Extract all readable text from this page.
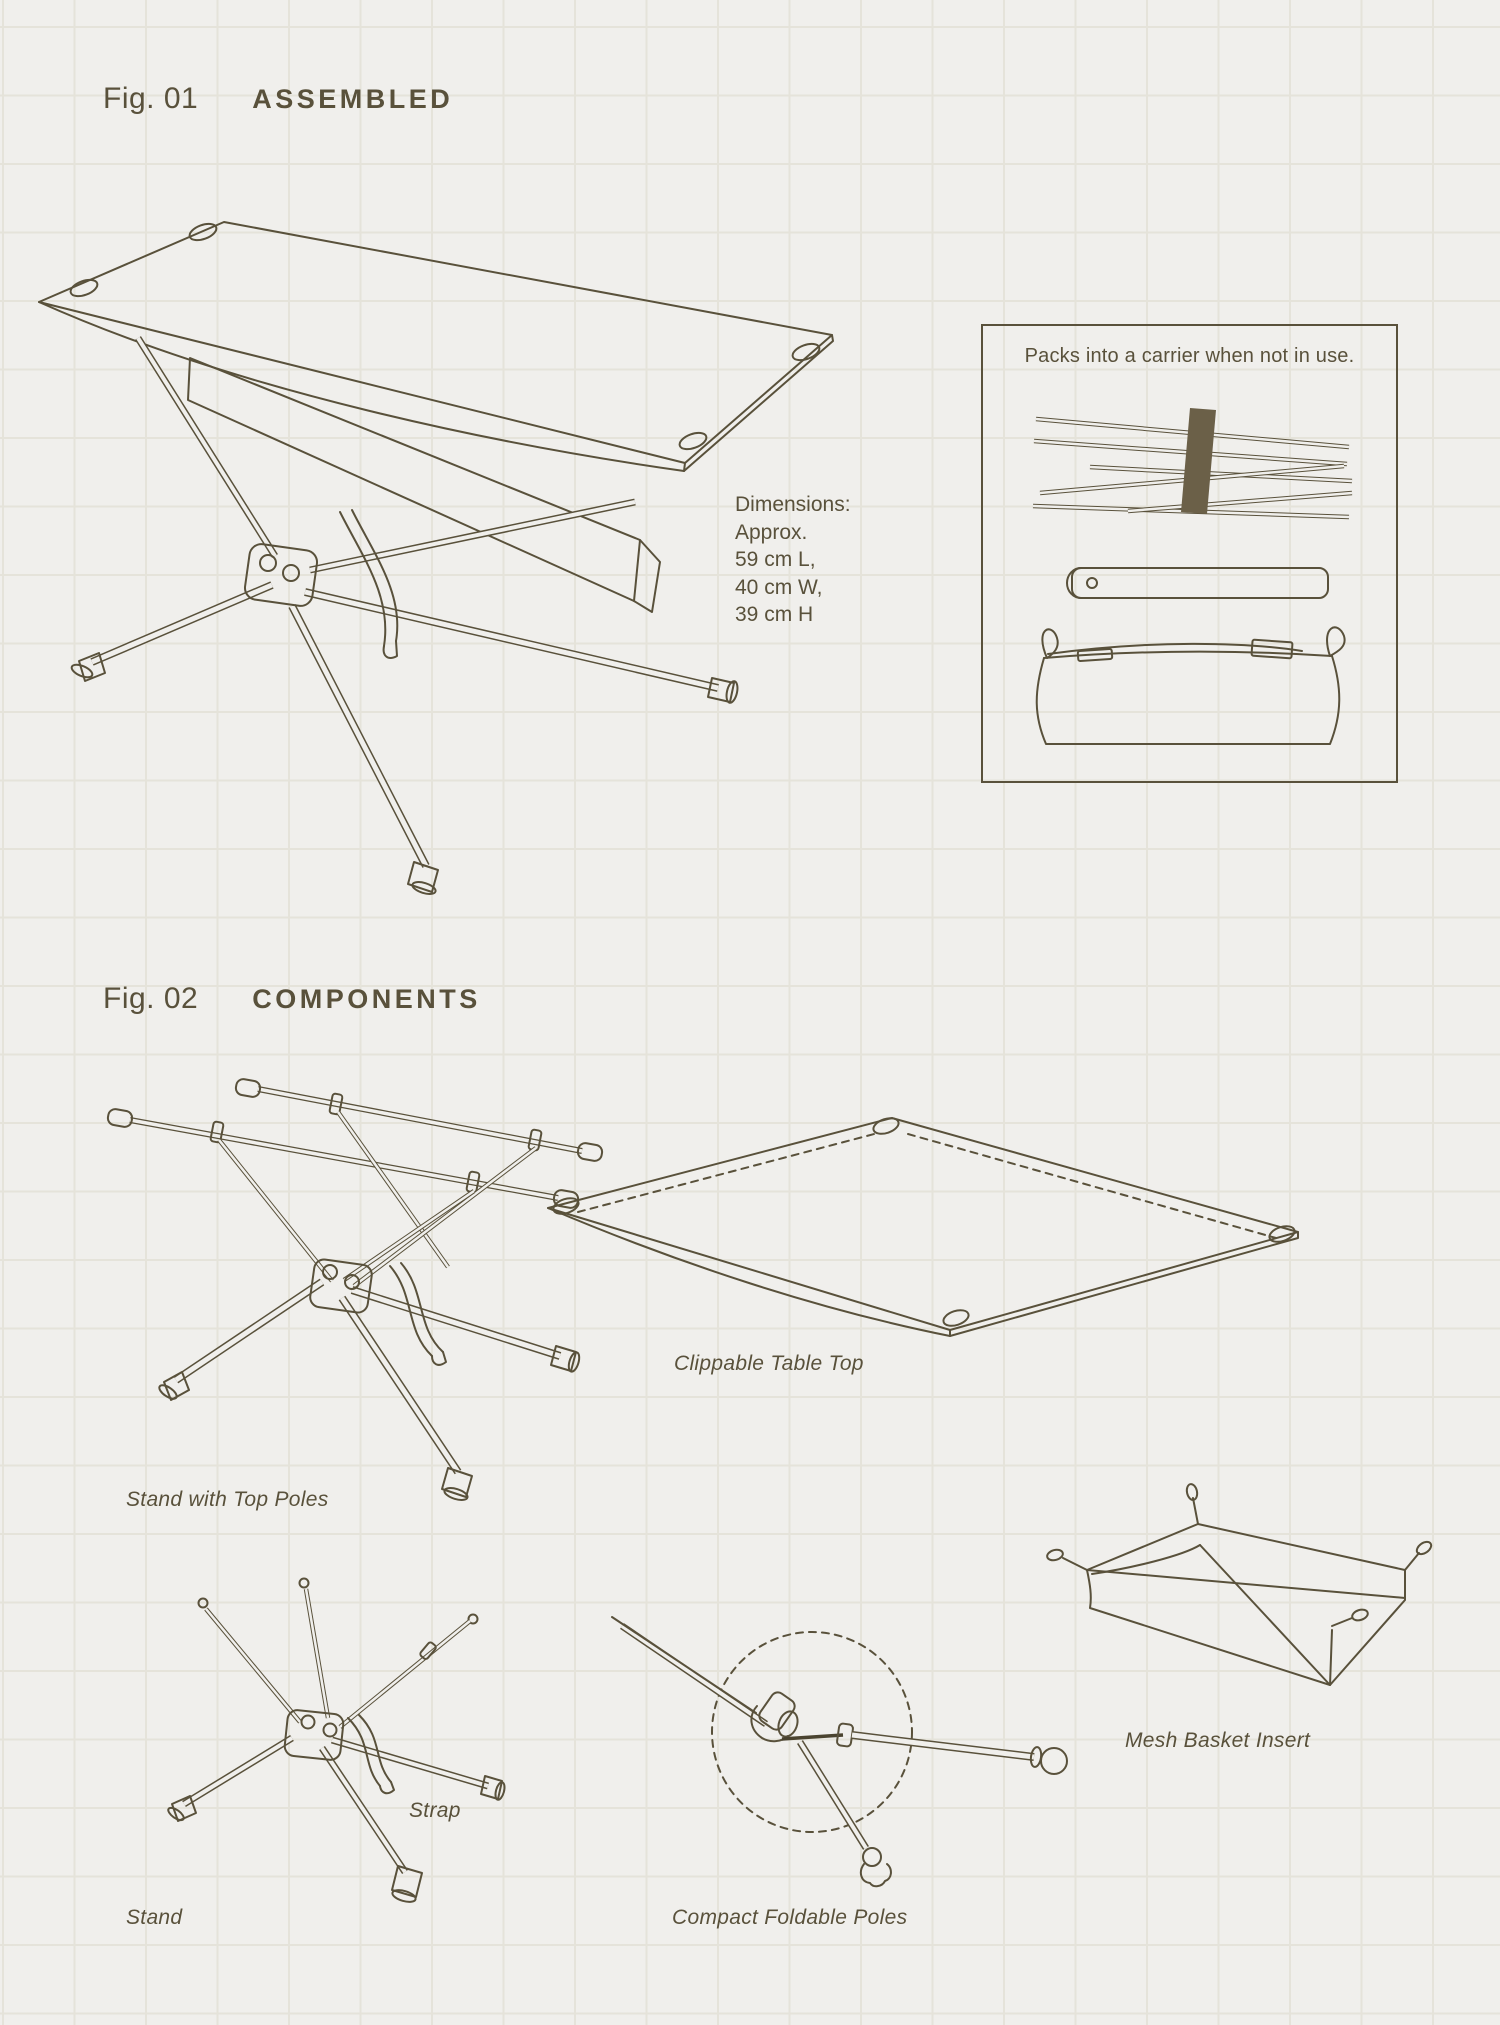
Fig. 01 ASSEMBLED
Dimensions:
Approx.
59 cm L,
40 cm W,
39 cm H
Packs into a carrier when not in use.
Fig. 02 COMPONENTS
Clippable Table Top
Stand with Top Poles
Mesh Basket Insert
Strap
Stand	Compact Foldable Poles
